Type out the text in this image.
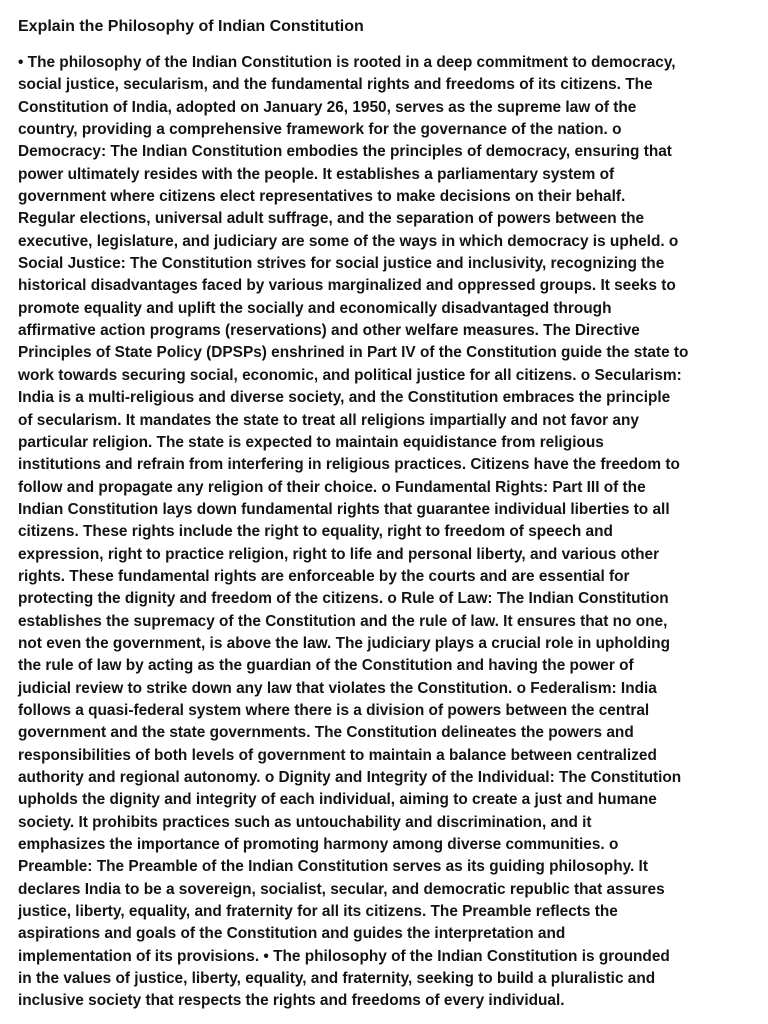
Explain the Philosophy of Indian Constitution
• The philosophy of the Indian Constitution is rooted in a deep commitment to democracy,
social justice, secularism, and the fundamental rights and freedoms of its citizens. The
Constitution of India, adopted on January 26, 1950, serves as the supreme law of the
country, providing a comprehensive framework for the governance of the nation. o
Democracy: The Indian Constitution embodies the principles of democracy, ensuring that
power ultimately resides with the people. It establishes a parliamentary system of
government where citizens elect representatives to make decisions on their behalf.
Regular elections, universal adult suffrage, and the separation of powers between the
executive, legislature, and judiciary are some of the ways in which democracy is upheld. o
Social Justice: The Constitution strives for social justice and inclusivity, recognizing the
historical disadvantages faced by various marginalized and oppressed groups. It seeks to
promote equality and uplift the socially and economically disadvantaged through
affirmative action programs (reservations) and other welfare measures. The Directive
Principles of State Policy (DPSPs) enshrined in Part IV of the Constitution guide the state to
work towards securing social, economic, and political justice for all citizens. o Secularism:
India is a multi-religious and diverse society, and the Constitution embraces the principle
of secularism. It mandates the state to treat all religions impartially and not favor any
particular religion. The state is expected to maintain equidistance from religious
institutions and refrain from interfering in religious practices. Citizens have the freedom to
follow and propagate any religion of their choice. o Fundamental Rights: Part III of the
Indian Constitution lays down fundamental rights that guarantee individual liberties to all
citizens. These rights include the right to equality, right to freedom of speech and
expression, right to practice religion, right to life and personal liberty, and various other
rights. These fundamental rights are enforceable by the courts and are essential for
protecting the dignity and freedom of the citizens. o Rule of Law: The Indian Constitution
establishes the supremacy of the Constitution and the rule of law. It ensures that no one,
not even the government, is above the law. The judiciary plays a crucial role in upholding
the rule of law by acting as the guardian of the Constitution and having the power of
judicial review to strike down any law that violates the Constitution. o Federalism: India
follows a quasi-federal system where there is a division of powers between the central
government and the state governments. The Constitution delineates the powers and
responsibilities of both levels of government to maintain a balance between centralized
authority and regional autonomy. o Dignity and Integrity of the Individual: The Constitution
upholds the dignity and integrity of each individual, aiming to create a just and humane
society. It prohibits practices such as untouchability and discrimination, and it
emphasizes the importance of promoting harmony among diverse communities. o
Preamble: The Preamble of the Indian Constitution serves as its guiding philosophy. It
declares India to be a sovereign, socialist, secular, and democratic republic that assures
justice, liberty, equality, and fraternity for all its citizens. The Preamble reflects the
aspirations and goals of the Constitution and guides the interpretation and
implementation of its provisions. • The philosophy of the Indian Constitution is grounded
in the values of justice, liberty, equality, and fraternity, seeking to build a pluralistic and
inclusive society that respects the rights and freedoms of every individual.
